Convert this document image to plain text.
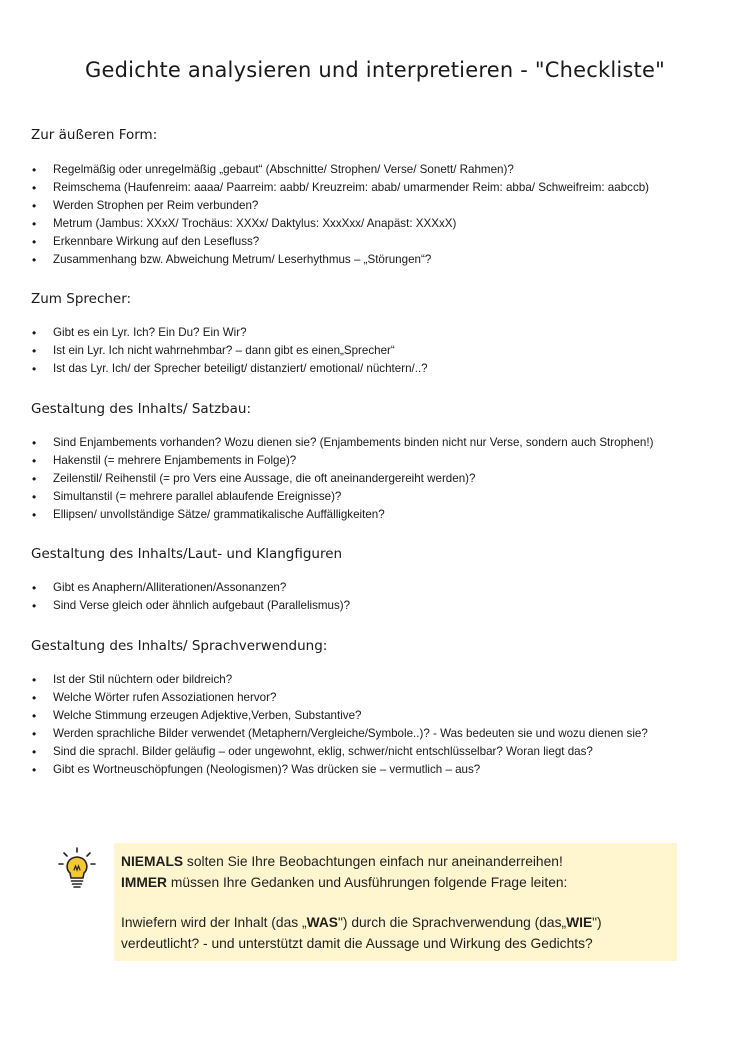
Gedichte analysieren und interpretieren - "Checkliste"
Zur äußeren Form:
• Regelmäßig oder unregelmäßig „gebaut“ (Abschnitte/ Strophen/ Verse/ Sonett/ Rahmen)?
• Reimschema (Haufenreim: aaaa/ Paarreim: aabb/ Kreuzreim: abab/ umarmender Reim: abba/ Schweifreim: aabccb)
• Werden Strophen per Reim verbunden?
• Metrum (Jambus: XXxX/ Trochäus: XXXx/ Daktylus: XxxXxx/ Anapäst: XXXxX)
• Erkennbare Wirkung auf den Lesefluss?
• Zusammenhang bzw. Abweichung Metrum/ Leserhythmus – „Störungen“?
Zum Sprecher:
• Gibt es ein Lyr. Ich? Ein Du? Ein Wir?
• Ist ein Lyr. Ich nicht wahrnehmbar? – dann gibt es einen„Sprecher“
• Ist das Lyr. Ich/ der Sprecher beteiligt/ distanziert/ emotional/ nüchtern/..?
Gestaltung des Inhalts/ Satzbau:
• Sind Enjambements vorhanden? Wozu dienen sie? (Enjambements binden nicht nur Verse, sondern auch Strophen!)
• Hakenstil (= mehrere Enjambements in Folge)?
• Zeilenstil/ Reihenstil (= pro Vers eine Aussage, die oft aneinandergereiht werden)?
• Simultanstil (= mehrere parallel ablaufende Ereignisse)?
• Ellipsen/ unvollständige Sätze/ grammatikalische Auffälligkeiten?
Gestaltung des Inhalts/Laut- und Klangfiguren
• Gibt es Anaphern/Alliterationen/Assonanzen?
• Sind Verse gleich oder ähnlich aufgebaut (Parallelismus)?
Gestaltung des Inhalts/ Sprachverwendung:
• Ist der Stil nüchtern oder bildreich?
• Welche Wörter rufen Assoziationen hervor?
• Welche Stimmung erzeugen Adjektive,Verben, Substantive?
• Werden sprachliche Bilder verwendet (Metaphern/Vergleiche/Symbole..)? - Was bedeuten sie und wozu dienen sie?
• Sind die sprachl. Bilder geläufig – oder ungewohnt, eklig, schwer/nicht entschlüsselbar? Woran liegt das?
• Gibt es Wortneuschöpfungen (Neologismen)? Was drücken sie – vermutlich – aus?

NIEMALS solten Sie Ihre Beobachtungen einfach nur aneinanderreihen!

IMMER müssen Ihre Gedanken und Ausführungen folgende Frage leiten:

Inwiefern wird der Inhalt (das „WAS") durch die Sprachverwendung (das„WIE")

verdeutlicht? - und unterstützt damit die Aussage und Wirkung des Gedichts?
